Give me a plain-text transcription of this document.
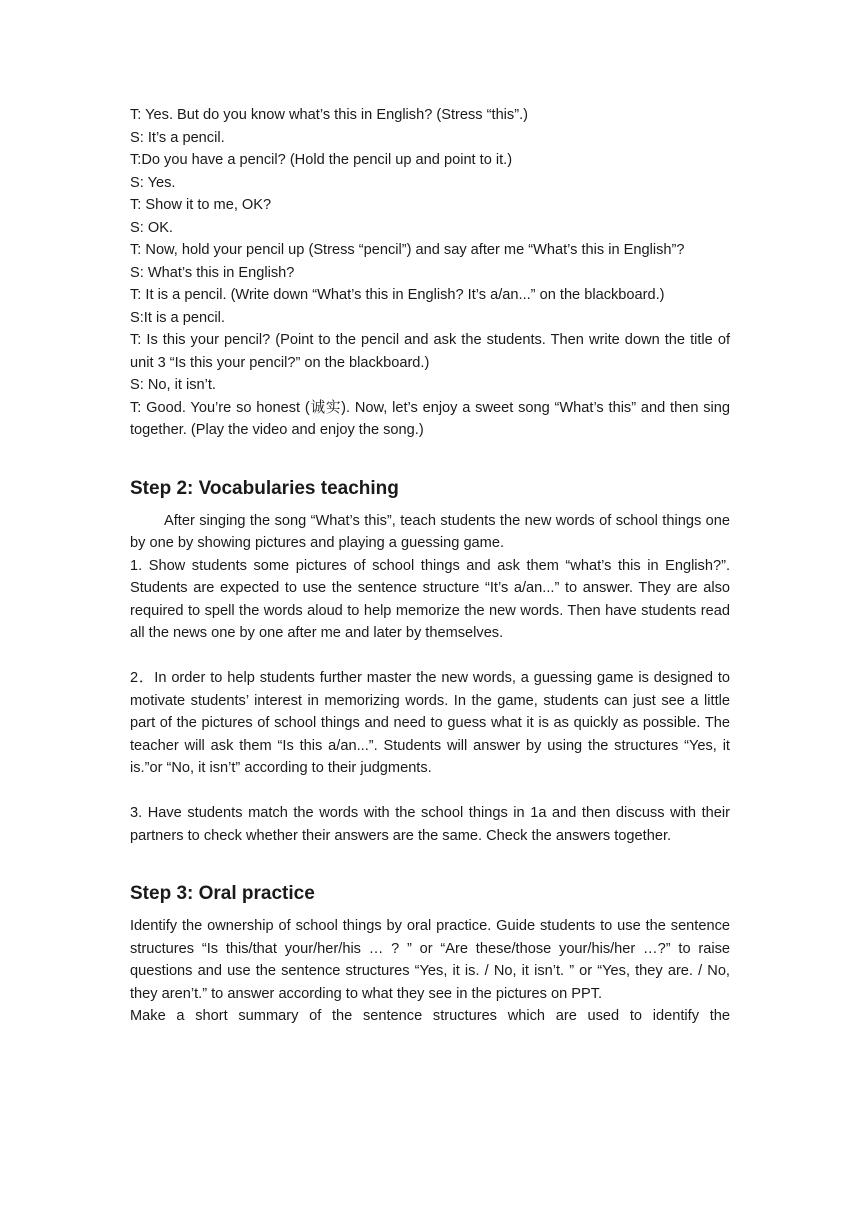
T: Yes. But do you know what’s this in English? (Stress “this”.)

S: It’s a pencil.

T:Do you have a pencil? (Hold the pencil up and point to it.)

S: Yes.

T: Show it to me, OK?

S: OK.

T: Now, hold your pencil up (Stress “pencil”) and say after me “What’s this in English”?

S: What’s this in English?

T: It is a pencil. (Write down “What’s this in English? It’s a/an...” on the blackboard.)

S:It is a pencil.

T: Is this your pencil? (Point to the pencil and ask the students. Then write down the title of unit 3 “Is this your pencil?” on the blackboard.)

S: No, it isn’t.

T: Good. You’re so honest (诚实). Now, let’s enjoy a sweet song “What’s this” and then sing together. (Play the video and enjoy the song.)

Step 2: Vocabularies teaching

After singing the song “What’s this”, teach students the new words of school things one by one by showing pictures and playing a guessing game.

1. Show students some pictures of school things and ask them “what’s this in English?”. Students are expected to use the sentence structure “It’s a/an...” to answer. They are also required to spell the words aloud to help memorize the new words. Then have students read all the news one by one after me and later by themselves.

2．In order to help students further master the new words, a guessing game is designed to motivate students’ interest in memorizing words. In the game, students can just see a little part of the pictures of school things and need to guess what it is as quickly as possible. The teacher will ask them “Is this a/an...”. Students will answer by using the structures “Yes, it is.”or “No, it isn’t” according to their judgments.

3. Have students match the words with the school things in 1a and then discuss with their partners to check whether their answers are the same. Check the answers together.

Step 3: Oral practice

Identify the ownership of school things by oral practice. Guide students to use the sentence structures “Is this/that your/her/his … ? ” or “Are these/those your/his/her …?” to raise questions and use the sentence structures “Yes, it is. / No, it isn’t. ” or “Yes, they are. / No, they aren’t.” to answer according to what they see in the pictures on PPT.

Make a short summary of the sentence structures which are used to identify the
